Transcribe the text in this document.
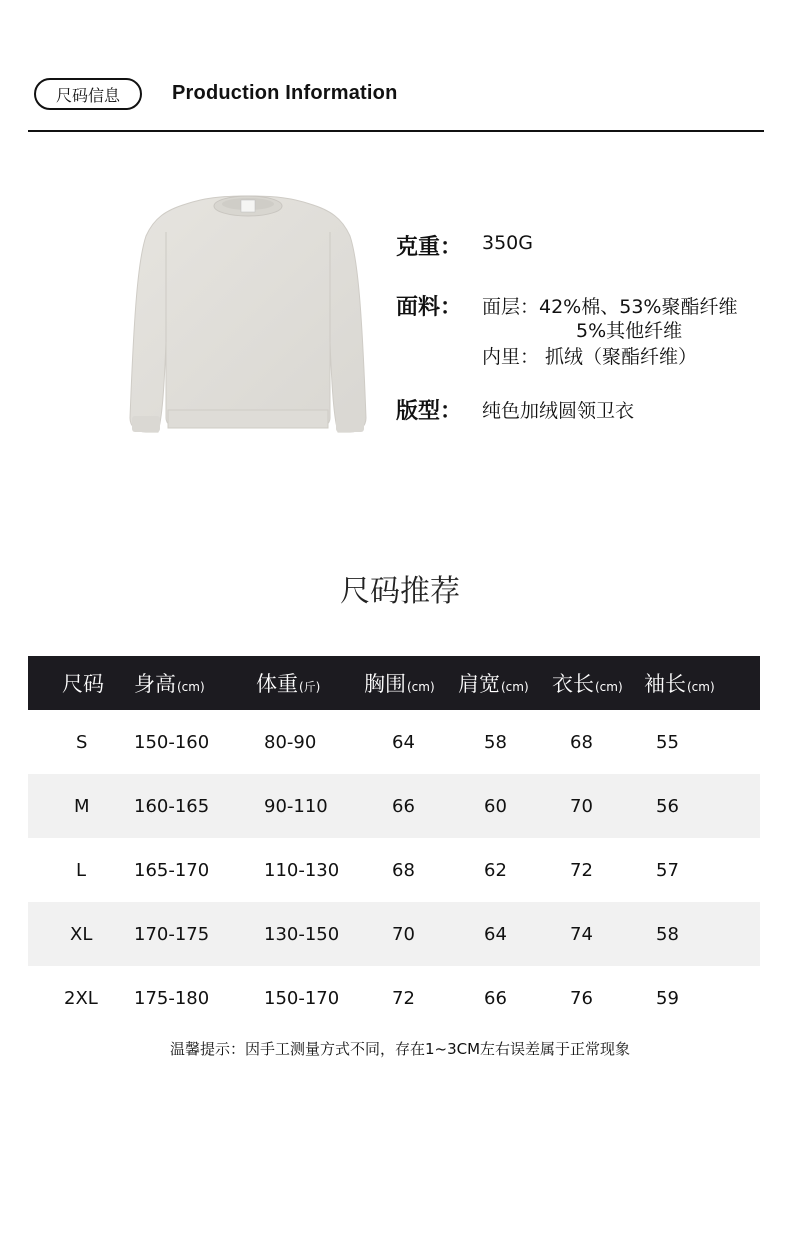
尺码信息	Production Information
克重： 350G
面料： 面层：42%棉、53%聚酯纤维
5%其他纤维
内里： 抓绒（聚酯纤维）
版型： 纯色加绒圆领卫衣
尺码推荐
尺码 身高(cm) 体重(斤) 胸围(cm) 肩宽(cm) 衣长(cm) 袖长(cm)
S	150-160	80-90	64	58	68	55
M 160-165	90-110	66	60	70	56
L	165-170	110-130	68	62	72	57
XL 170-175	130-150	70	64	74	58
2XL 175-180	150-170	72	66	76	59
温馨提示：因手工测量方式不同，存在1~3CM左右误差属于正常现象
